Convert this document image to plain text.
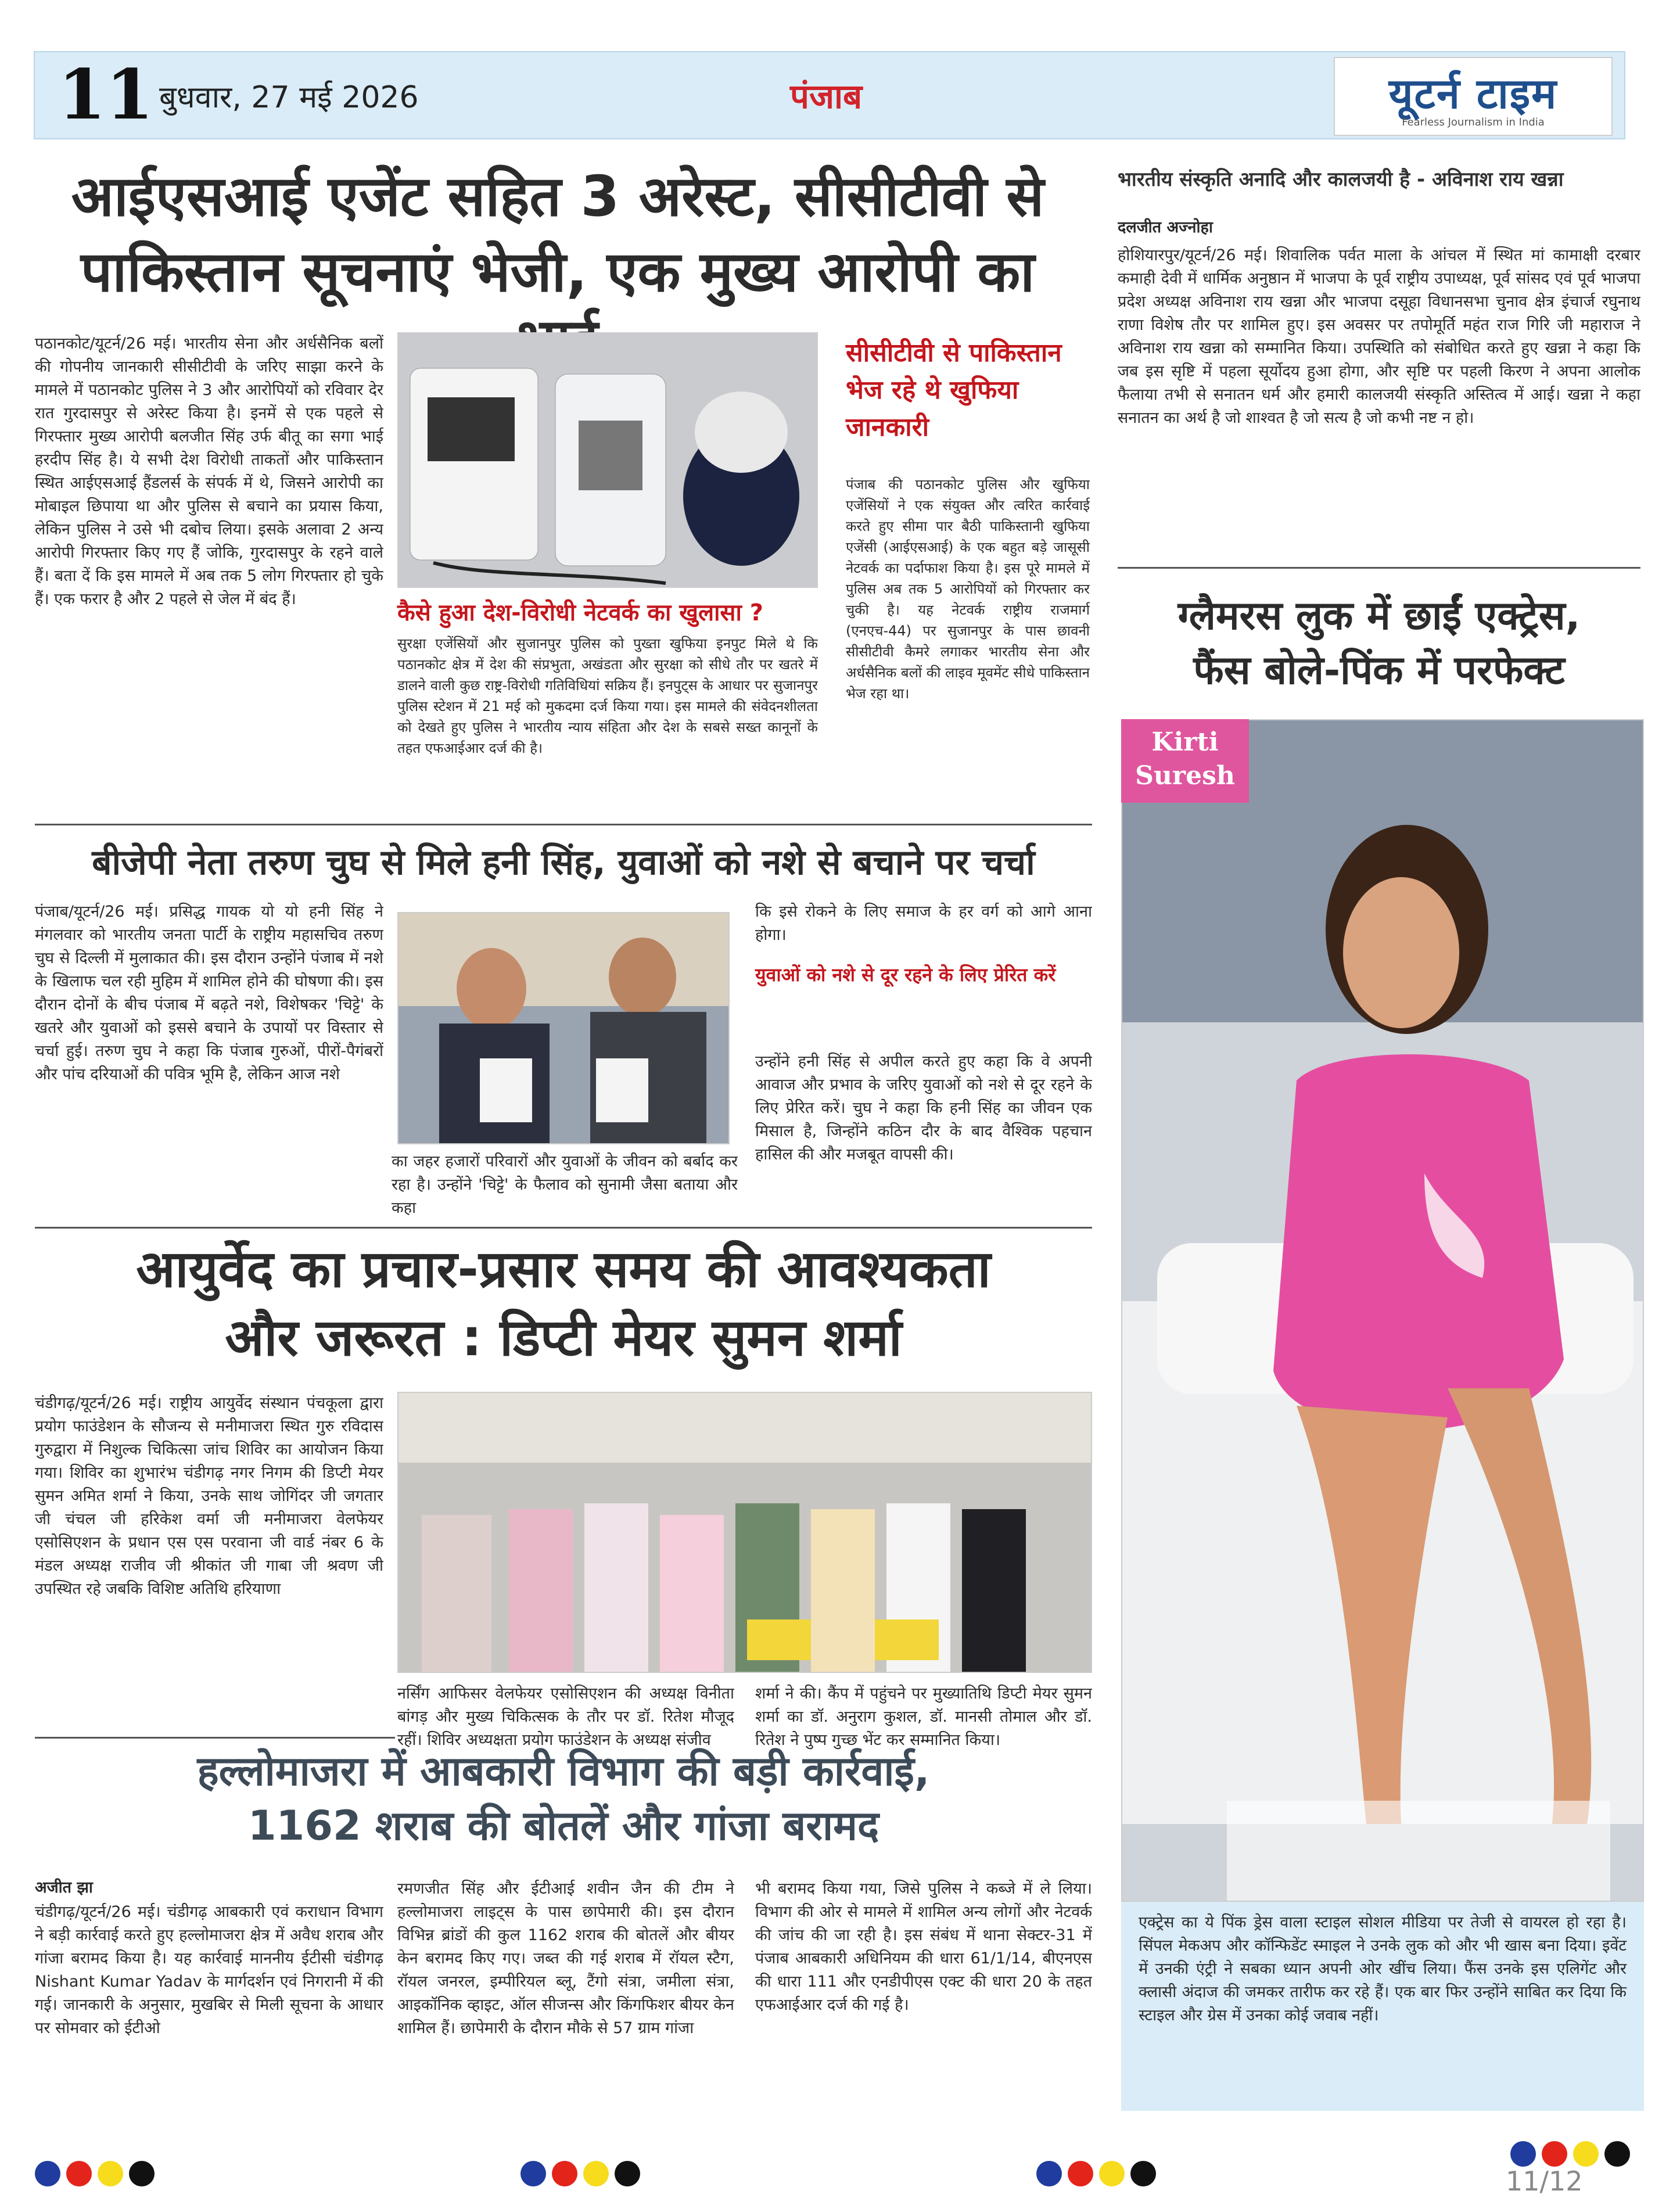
11 बुधवार, 27 मई 2026	पंजाब	यूटर्न टाइम
Fearless Journalism in India
आईएसआई एजेंट सहित 3 अरेस्ट, सीसीटीवी से
पाकिस्तान सूचनाएं भेजी, एक मुख्य आरोपी का
पठानकोट/यूटर्न/26 मई। भारतीय सेना और अर्धसैनिक बलों की गोपनीय जानकारी सीसीटीवी के जरिए साझा करने के मामले में पठानकोट पुलिस ने 3 और आरोपियों को रविवार देर रात गुरदासपुर से अरेस्ट किया है। इनमें से एक पहले से गिरफ्तार मुख्य आरोपी बलजीत सिंह उर्फ बीतू का सगा भाई हरदीप सिंह है। ये सभी देश विरोधी ताकतों और पाकिस्तान स्थित आईएसआई हैंडलर्स के संपर्क में थे, जिसने आरोपी का मोबाइल छिपाया था और पुलिस से बचाने का प्रयास किया, लेकिन पुलिस ने उसे भी दबोच लिया। इसके अलावा 2 अन्य आरोपी गिरफ्तार किए गए हैं जोकि, गुरदासपुर के रहने वाले हैं। बता दें कि इस मामले में अब तक 5 लोग गिरफ्तार हो चुके हैं। एक फरार है और 2 पहले से जेल में बंद हैं।
कैसे हुआ देश-विरोधी नेटवर्क का खुलासा ?
सुरक्षा एजेंसियों और सुजानपुर पुलिस को पुख्ता खुफिया इनपुट मिले थे कि पठानकोट क्षेत्र में देश की संप्रभुता, अखंडता और सुरक्षा को सीधे तौर पर खतरे में डालने वाली कुछ राष्ट्र-विरोधी गतिविधियां सक्रिय हैं। इनपुट्स के आधार पर सुजानपुर पुलिस स्टेशन में 21 मई को मुकदमा दर्ज किया गया। इस मामले की संवेदनशीलता को देखते हुए पुलिस ने भारतीय न्याय संहिता और देश के सबसे सख्त कानूनों के तहत एफआईआर दर्ज की है।
सीसीटीवी से पाकिस्तान भेज रहे थे खुफिया जानकारी
पंजाब की पठानकोट पुलिस और खुफिया एजेंसियों ने एक संयुक्त और त्वरित कार्रवाई करते हुए सीमा पार बैठी पाकिस्तानी खुफिया एजेंसी (आईएसआई) के एक बहुत बड़े जासूसी नेटवर्क का पर्दाफाश किया है। इस पूरे मामले में पुलिस अब तक 5 आरोपियों को गिरफ्तार कर चुकी है। यह नेटवर्क राष्ट्रीय राजमार्ग (एनएच-44) पर सुजानपुर के पास छावनी सीसीटीवी कैमरे लगाकर भारतीय सेना और अर्धसैनिक बलों की लाइव मूवमेंट सीधे पाकिस्तान भेज रहा था।
भारतीय संस्कृति अनादि और कालजयी है - अविनाश राय खन्ना
दलजीत अज्नोहा
होशियारपुर/यूटर्न/26 मई। शिवालिक पर्वत माला के आंचल में स्थित मां कामाक्षी दरबार कमाही देवी में धार्मिक अनुष्ठान में भाजपा के पूर्व राष्ट्रीय उपाध्यक्ष, पूर्व सांसद एवं पूर्व भाजपा प्रदेश अध्यक्ष अविनाश राय खन्ना और भाजपा दसूहा विधानसभा चुनाव क्षेत्र इंचार्ज रघुनाथ राणा विशेष तौर पर शामिल हुए। इस अवसर पर तपोमूर्ति महंत राज गिरि जी महाराज ने अविनाश राय खन्ना को सम्मानित किया। उपस्थिति को संबोधित करते हुए खन्ना ने कहा कि जब इस सृष्टि में पहला सूर्योदय हुआ होगा, और सृष्टि पर पहली किरण ने अपना आलोक फैलाया तभी से सनातन धर्म और हमारी कालजयी संस्कृति अस्तित्व में आई। खन्ना ने कहा सनातन का अर्थ है जो शाश्वत है जो सत्य है जो कभी नष्ट न हो।
ग्लैमरस लुक में छाईं एक्ट्रेस,
फैंस बोले-पिंक में परफेक्ट
Kirti
Suresh
एक्ट्रेस का ये पिंक ड्रेस वाला स्टाइल सोशल मीडिया पर तेजी से वायरल हो रहा है। सिंपल मेकअप और कॉन्फिडेंट स्माइल ने उनके लुक को और भी खास बना दिया। इवेंट में उनकी एंट्री ने सबका ध्यान अपनी ओर खींच लिया। फैंस उनके इस एलिगेंट और क्लासी अंदाज की जमकर तारीफ कर रहे हैं। एक बार फिर उन्होंने साबित कर दिया कि स्टाइल और ग्रेस में उनका कोई जवाब नहीं।
बीजेपी नेता तरुण चुघ से मिले हनी सिंह, युवाओं को नशे से बचाने पर चर्चा
पंजाब/यूटर्न/26 मई। प्रसिद्ध गायक यो यो हनी सिंह ने मंगलवार को भारतीय जनता पार्टी के राष्ट्रीय महासचिव तरुण चुघ से दिल्ली में मुलाकात की। इस दौरान उन्होंने पंजाब में नशे के खिलाफ चल रही मुहिम में शामिल होने की घोषणा की। इस दौरान दोनों के बीच पंजाब में बढ़ते नशे, विशेषकर 'चिट्टे' के खतरे और युवाओं को इससे बचाने के उपायों पर विस्तार से चर्चा हुई। तरुण चुघ ने कहा कि पंजाब गुरुओं, पीरों-पैगंबरों और पांच दरियाओं की पवित्र भूमि है, लेकिन आज नशे
का जहर हजारों परिवारों और युवाओं के जीवन को बर्बाद कर रहा है। उन्होंने 'चिट्टे' के फैलाव को सुनामी जैसा बताया और कहा
कि इसे रोकने के लिए समाज के हर वर्ग को आगे आना होगा।
युवाओं को नशे से दूर रहने के लिए प्रेरित करें
उन्होंने हनी सिंह से अपील करते हुए कहा कि वे अपनी आवाज और प्रभाव के जरिए युवाओं को नशे से दूर रहने के लिए प्रेरित करें। चुघ ने कहा कि हनी सिंह का जीवन एक मिसाल है, जिन्होंने कठिन दौर के बाद वैश्विक पहचान हासिल की और मजबूत वापसी की।
आयुर्वेद का प्रचार-प्रसार समय की आवश्यकता
और जरूरत : डिप्टी मेयर सुमन शर्मा
चंडीगढ़/यूटर्न/26 मई। राष्ट्रीय आयुर्वेद संस्थान पंचकूला द्वारा प्रयोग फाउंडेशन के सौजन्य से मनीमाजरा स्थित गुरु रविदास गुरुद्वारा में निशुल्क चिकित्सा जांच शिविर का आयोजन किया गया। शिविर का शुभारंभ चंडीगढ़ नगर निगम की डिप्टी मेयर सुमन अमित शर्मा ने किया, उनके साथ जोगिंदर जी जगतार जी चंचल जी हरिकेश वर्मा जी मनीमाजरा वेलफेयर एसोसिएशन के प्रधान एस एस परवाना जी वार्ड नंबर 6 के मंडल अध्यक्ष राजीव जी श्रीकांत जी गाबा जी श्रवण जी उपस्थित रहे जबकि विशिष्ट अतिथि हरियाणा
नर्सिंग आफिसर वेलफेयर एसोसिएशन की अध्यक्ष विनीता बांगड़ और मुख्य चिकित्सक के तौर पर डॉ. रितेश मौजूद रहीं। शिविर अध्यक्षता प्रयोग फाउंडेशन के अध्यक्ष संजीव
शर्मा ने की। कैंप में पहुंचने पर मुख्यातिथि डिप्टी मेयर सुमन शर्मा का डॉ. अनुराग कुशल, डॉ. मानसी तोमाल और डॉ. रितेश ने पुष्प गुच्छ भेंट कर सम्मानित किया।
हल्लोमाजरा में आबकारी विभाग की बड़ी कार्रवाई,
1162 शराब की बोतलें और गांजा बरामद
अजीत झा
चंडीगढ़/यूटर्न/26 मई। चंडीगढ़ आबकारी एवं कराधान विभाग ने बड़ी कार्रवाई करते हुए हल्लोमाजरा क्षेत्र में अवैध शराब और गांजा बरामद किया है। यह कार्रवाई माननीय ईटीसी चंडीगढ़ Nishant Kumar Yadav के मार्गदर्शन एवं निगरानी में की गई। जानकारी के अनुसार, मुखबिर से मिली सूचना के आधार पर सोमवार को ईटीओ
रमणजीत सिंह और ईटीआई शवीन जैन की टीम ने हल्लोमाजरा लाइट्स के पास छापेमारी की। इस दौरान विभिन्न ब्रांडों की कुल 1162 शराब की बोतलें और बीयर केन बरामद किए गए। जब्त की गई शराब में रॉयल स्टैग, रॉयल जनरल, इम्पीरियल ब्लू, टैंगो संत्रा, जमीला संत्रा, आइकॉनिक व्हाइट, ऑल सीजन्स और किंगफिशर बीयर केन शामिल हैं। छापेमारी के दौरान मौके से 57 ग्राम गांजा
भी बरामद किया गया, जिसे पुलिस ने कब्जे में ले लिया। विभाग की ओर से मामले में शामिल अन्य लोगों और नेटवर्क की जांच की जा रही है। इस संबंध में थाना सेक्टर-31 में पंजाब आबकारी अधिनियम की धारा 61/1/14, बीएनएस की धारा 111 और एनडीपीएस एक्ट की धारा 20 के तहत एफआईआर दर्ज की गई है।
11/12
